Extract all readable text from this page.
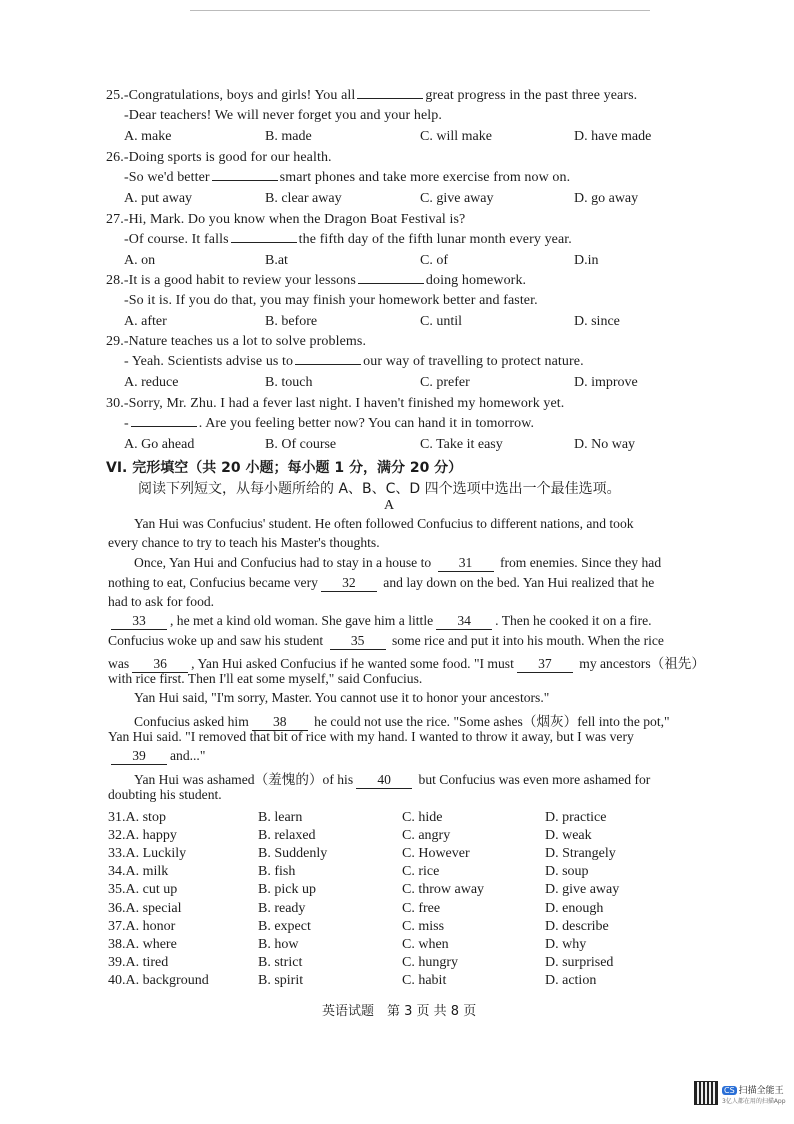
25.-Congratulations, boys and girls! You all	great progress in the past three years.
-Dear teachers! We will never forget you and your help.
A. make	B. made	C. will make	D. have made
26.-Doing sports is good for our health.
-So we'd better	smart phones and take more exercise from now on.
A. put away	B. clear away	C. give away	D. go away
27.-Hi, Mark. Do you know when the Dragon Boat Festival is?
-Of course. It falls	the fifth day of the fifth lunar month every year.
A. on	B.at	C. of	D.in
28.-It is a good habit to review your lessons	doing homework.
-So it is. If you do that, you may finish your homework better and faster.
A. after	B. before	C. until	D. since
29.-Nature teaches us a lot to solve problems.
- Yeah. Scientists advise us to	our way of travelling to protect nature.
A. reduce	B. touch	C. prefer	D. improve
30.-Sorry, Mr. Zhu. I had a fever last night. I haven't finished my homework yet.
-	. Are you feeling better now? You can hand it in tomorrow.
A. Go ahead	B. Of course	C. Take it easy	D. No way
VI. 完形填空（共 20 小题；每小题 1 分，满分 20 分）
阅读下列短文，从每小题所给的 A、B、C、D 四个选项中选出一个最佳选项。
A
Yan Hui was Confucius' student. He often followed Confucius to different nations, and took
every chance to try to teach his Master's thoughts.
Once, Yan Hui and Confucius had to stay in a house to 31 from enemies. Since they had
nothing to eat, Confucius became very 32 and lay down on the bed. Yan Hui realized that he
had to ask for food.
33 , he met a kind old woman. She gave him a little 34 . Then he cooked it on a fire.
Confucius woke up and saw his student 35 some rice and put it into his mouth. When the rice
was 36 , Yan Hui asked Confucius if he wanted some food. "I must 37 my ancestors（祖先）
with rice first. Then I'll eat some myself," said Confucius.
Yan Hui said, "I'm sorry, Master. You cannot use it to honor your ancestors."
Confucius asked him 38 he could not use the rice. "Some ashes（烟灰）fell into the pot,"
Yan Hui said. "I removed that bit of rice with my hand. I wanted to throw it away, but I was very
39 and..."
Yan Hui was ashamed（羞愧的）of his 40 but Confucius was even more ashamed for
doubting his student.
31.A. stop	B. learn	C. hide	D. practice
32.A. happy	B. relaxed	C. angry	D. weak
33.A. Luckily	B. Suddenly	C. However	D. Strangely
34.A. milk	B. fish	C. rice	D. soup
35.A. cut up	B. pick up	C. throw away	D. give away
36.A. special	B. ready	C. free	D. enough
37.A. honor	B. expect	C. miss	D. describe
38.A. where	B. how	C. when	D. why
39.A. tired	B. strict	C. hungry	D. surprised
40.A. background	B. spirit	C. habit	D. action
英语试题　第 3 页 共 8 页
CS 扫描全能王
3亿人都在用的扫描App
